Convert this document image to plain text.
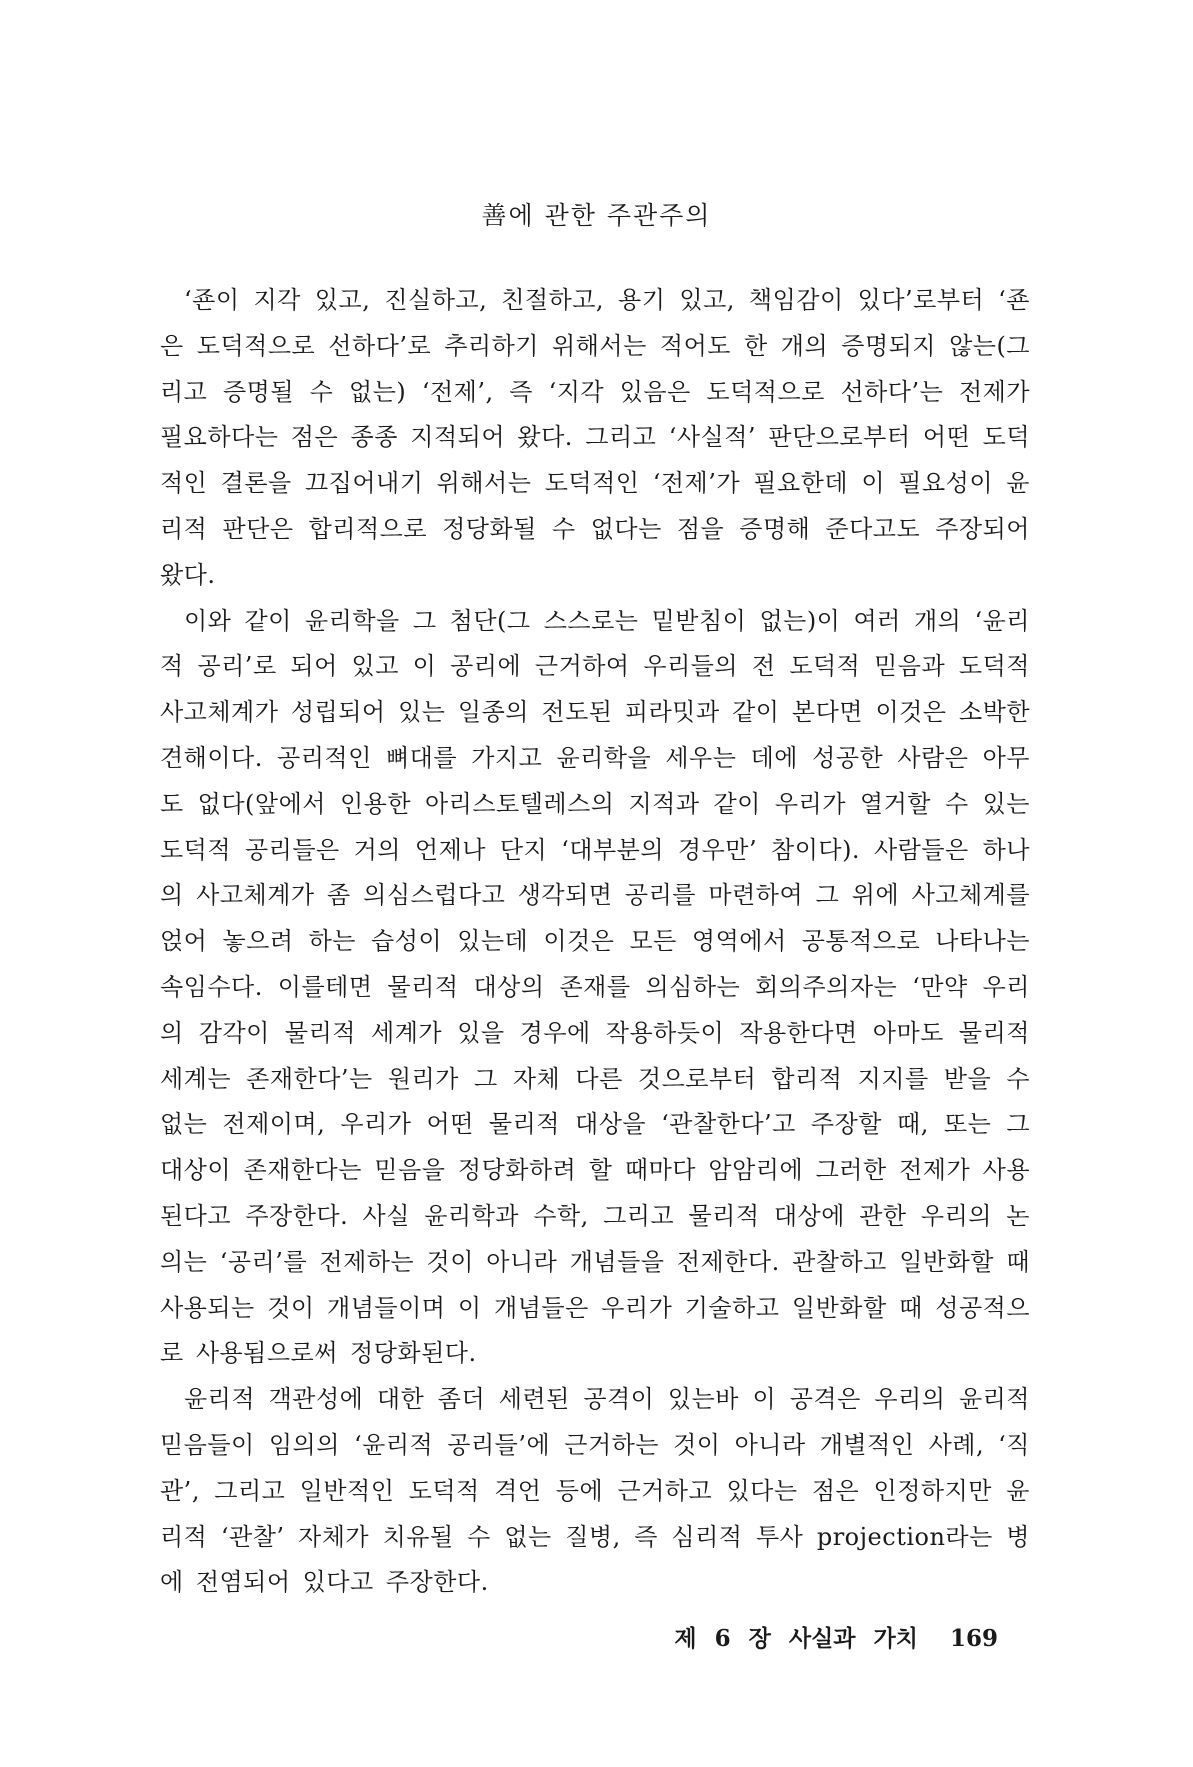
善에 관한 주관주의

‘죤이 지각 있고, 진실하고, 친절하고, 용기 있고, 책임감이 있다’로부터 ‘죤은 도덕적으로 선하다’로 추리하기 위해서는 적어도 한 개의 증명되지 않는(그리고 증명될 수 없는) ‘전제’, 즉 ‘지각 있음은 도덕적으로 선하다’는 전제가 필요하다는 점은 종종 지적되어 왔다. 그리고 ‘사실적’ 판단으로부터 어떤 도덕적인 결론을 끄집어내기 위해서는 도덕적인 ‘전제’가 필요한데 이 필요성이 윤리적 판단은 합리적으로 정당화될 수 없다는 점을 증명해 준다고도 주장되어 왔다.

이와 같이 윤리학을 그 첨단(그 스스로는 밑받침이 없는)이 여러 개의 ‘윤리적 공리’로 되어 있고 이 공리에 근거하여 우리들의 전 도덕적 믿음과 도덕적 사고체계가 성립되어 있는 일종의 전도된 피라밋과 같이 본다면 이것은 소박한 견해이다. 공리적인 뼈대를 가지고 윤리학을 세우는 데에 성공한 사람은 아무도 없다(앞에서 인용한 아리스토텔레스의 지적과 같이 우리가 열거할 수 있는 도덕적 공리들은 거의 언제나 단지 ‘대부분의 경우만’ 참이다). 사람들은 하나의 사고체계가 좀 의심스럽다고 생각되면 공리를 마련하여 그 위에 사고체계를 얹어 놓으려 하는 습성이 있는데 이것은 모든 영역에서 공통적으로 나타나는 속임수다. 이를테면 물리적 대상의 존재를 의심하는 회의주의자는 ‘만약 우리의 감각이 물리적 세계가 있을 경우에 작용하듯이 작용한다면 아마도 물리적 세계는 존재한다’는 원리가 그 자체 다른 것으로부터 합리적 지지를 받을 수 없는 전제이며, 우리가 어떤 물리적 대상을 ‘관찰한다’고 주장할 때, 또는 그 대상이 존재한다는 믿음을 정당화하려 할 때마다 암암리에 그러한 전제가 사용된다고 주장한다. 사실 윤리학과 수학, 그리고 물리적 대상에 관한 우리의 논의는 ‘공리’를 전제하는 것이 아니라 개념들을 전제한다. 관찰하고 일반화할 때 사용되는 것이 개념들이며 이 개념들은 우리가 기술하고 일반화할 때 성공적으로 사용됨으로써 정당화된다.

윤리적 객관성에 대한 좀더 세련된 공격이 있는바 이 공격은 우리의 윤리적 믿음들이 임의의 ‘윤리적 공리들’에 근거하는 것이 아니라 개별적인 사례, ‘직관’, 그리고 일반적인 도덕적 격언 등에 근거하고 있다는 점은 인정하지만 윤리적 ‘관찰’ 자체가 치유될 수 없는 질병, 즉 심리적 투사 projection라는 병에 전염되어 있다고 주장한다.

제 6 장 사실과 가치 169
